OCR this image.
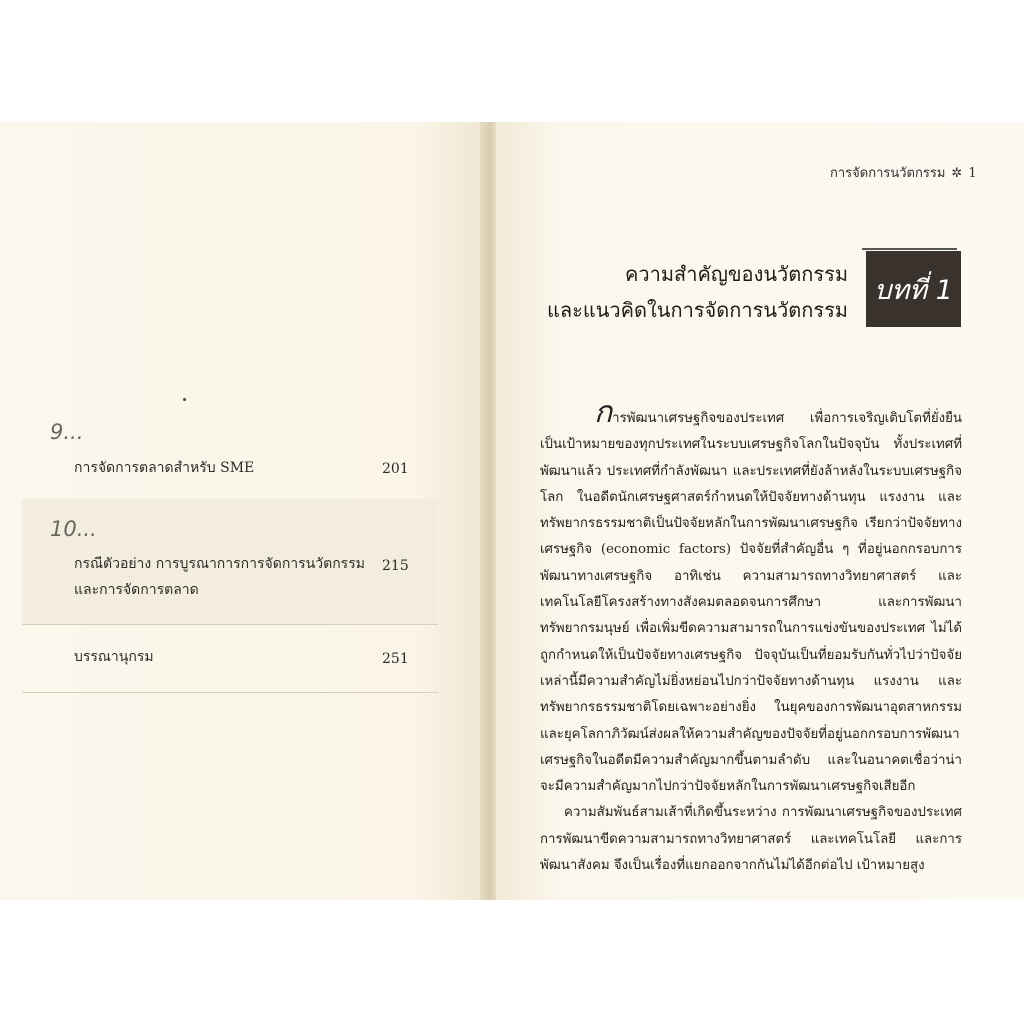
9...
การจัดการตลาดสำหรับ SME	201
10...
กรณีตัวอย่าง การบูรณาการการจัดการนวัตกรรม
และการจัดการตลาด
215
บรรณานุกรม	251
การจัดการนวัตกรรม ✲ 1
ความสำคัญของนวัตกรรม
และแนวคิดในการจัดการนวัตกรรม
บทที่ 1

การพัฒนาเศรษฐกิจของประเทศ เพื่อการเจริญเติบโตที่ยั่งยืนเป็นเป้าหมายของทุกประเทศในระบบเศรษฐกิจโลกในปัจจุบัน ทั้งประเทศที่พัฒนาแล้ว ประเทศที่กำลังพัฒนา และประเทศที่ยังล้าหลังในระบบเศรษฐกิจโลก ในอดีตนักเศรษฐศาสตร์กำหนดให้ปัจจัยทางด้านทุน แรงงาน และทรัพยากรธรรมชาติเป็นปัจจัยหลักในการพัฒนาเศรษฐกิจ เรียกว่าปัจจัยทางเศรษฐกิจ (economic factors) ปัจจัยที่สำคัญอื่น ๆ ที่อยู่นอกกรอบการพัฒนาทางเศรษฐกิจ อาทิเช่น ความสามารถทางวิทยาศาสตร์ และเทคโนโลยีโครงสร้างทางสังคมตลอดจนการศึกษา และการพัฒนาทรัพยากรมนุษย์ เพื่อเพิ่มขีดความสามารถในการแข่งขันของประเทศ ไม่ได้ถูกกำหนดให้เป็นปัจจัยทางเศรษฐกิจ ปัจจุบันเป็นที่ยอมรับกันทั่วไปว่าปัจจัยเหล่านี้มีความสำคัญไม่ยิ่งหย่อนไปกว่าปัจจัยทางด้านทุน แรงงาน และทรัพยากรธรรมชาติโดยเฉพาะอย่างยิ่ง ในยุคของการพัฒนาอุตสาหกรรม และยุคโลกาภิวัฒน์ส่งผลให้ความสำคัญของปัจจัยที่อยู่นอกกรอบการพัฒนาเศรษฐกิจในอดีตมีความสำคัญมากขึ้นตามลำดับ และในอนาคตเชื่อว่าน่าจะมีความสำคัญมากไปกว่าปัจจัยหลักในการพัฒนาเศรษฐกิจเสียอีก

ความสัมพันธ์สามเส้าที่เกิดขึ้นระหว่าง การพัฒนาเศรษฐกิจของประเทศ การพัฒนาขีดความสามารถทางวิทยาศาสตร์ และเทคโนโลยี และการพัฒนาสังคม จึงเป็นเรื่องที่แยกออกจากกันไม่ได้อีกต่อไป เป้าหมายสูง
